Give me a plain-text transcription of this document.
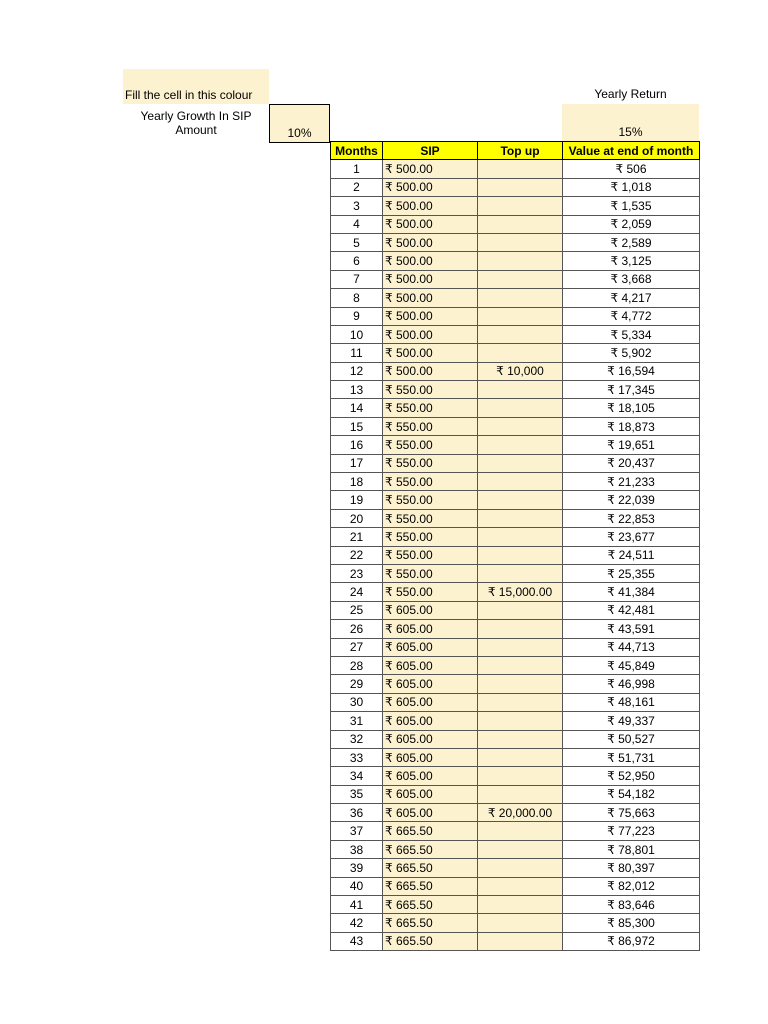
Fill the cell in this colour
Yearly Growth In SIP Amount	10%
Yearly Return
15%
Months	SIP	Top up	Value at end of month
1	₹ 500.00		₹ 506
2	₹ 500.00		₹ 1,018
3	₹ 500.00		₹ 1,535
4	₹ 500.00		₹ 2,059
5	₹ 500.00		₹ 2,589
6	₹ 500.00		₹ 3,125
7	₹ 500.00		₹ 3,668
8	₹ 500.00		₹ 4,217
9	₹ 500.00		₹ 4,772
10	₹ 500.00		₹ 5,334
11	₹ 500.00		₹ 5,902
12	₹ 500.00	₹ 10,000	₹ 16,594
13	₹ 550.00		₹ 17,345
14	₹ 550.00		₹ 18,105
15	₹ 550.00		₹ 18,873
16	₹ 550.00		₹ 19,651
17	₹ 550.00		₹ 20,437
18	₹ 550.00		₹ 21,233
19	₹ 550.00		₹ 22,039
20	₹ 550.00		₹ 22,853
21	₹ 550.00		₹ 23,677
22	₹ 550.00		₹ 24,511
23	₹ 550.00		₹ 25,355
24	₹ 550.00	₹ 15,000.00	₹ 41,384
25	₹ 605.00		₹ 42,481
26	₹ 605.00		₹ 43,591
27	₹ 605.00		₹ 44,713
28	₹ 605.00		₹ 45,849
29	₹ 605.00		₹ 46,998
30	₹ 605.00		₹ 48,161
31	₹ 605.00		₹ 49,337
32	₹ 605.00		₹ 50,527
33	₹ 605.00		₹ 51,731
34	₹ 605.00		₹ 52,950
35	₹ 605.00		₹ 54,182
36	₹ 605.00	₹ 20,000.00	₹ 75,663
37	₹ 665.50		₹ 77,223
38	₹ 665.50		₹ 78,801
39	₹ 665.50		₹ 80,397
40	₹ 665.50		₹ 82,012
41	₹ 665.50		₹ 83,646
42	₹ 665.50		₹ 85,300
43	₹ 665.50		₹ 86,972
